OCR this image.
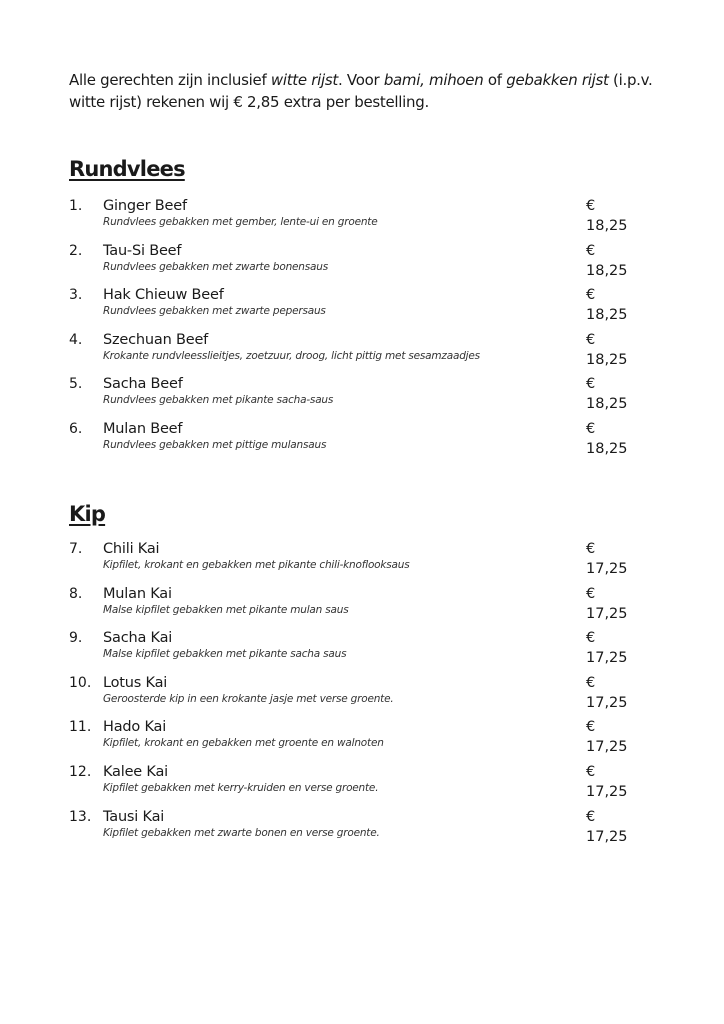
Alle gerechten zijn inclusief witte rijst. Voor bami, mihoen of gebakken rijst (i.p.v. witte rijst) rekenen wij € 2,85 extra per bestelling.
Rundvlees
1. Ginger Beef	€ 18,25
Rundvlees gebakken met gember, lente-ui en groente
2. Tau-Si Beef	€ 18,25
Rundvlees gebakken met zwarte bonensaus
3. Hak Chieuw Beef	€ 18,25
Rundvlees gebakken met zwarte pepersaus
4. Szechuan Beef	€ 18,25
Krokante rundvleesslieitjes, zoetzuur, droog, licht pittig met sesamzaadjes
5. Sacha Beef	€ 18,25
Rundvlees gebakken met pikante sacha-saus
6. Mulan Beef	€ 18,25
Rundvlees gebakken met pittige mulansaus
Kip
7. Chili Kai	€ 17,25
Kipfilet, krokant en gebakken met pikante chili-knoflooksaus
8. Mulan Kai	€ 17,25
Malse kipfilet gebakken met pikante mulan saus
9. Sacha Kai	€ 17,25
Malse kipfilet gebakken met pikante sacha saus
10. Lotus Kai	€ 17,25
Geroosterde kip in een krokante jasje met verse groente.
11. Hado Kai	€ 17,25
Kipfilet, krokant en gebakken met groente en walnoten
12. Kalee Kai	€ 17,25
Kipfilet gebakken met kerry-kruiden en verse groente.
13. Tausi Kai	€ 17,25
Kipfilet gebakken met zwarte bonen en verse groente.
